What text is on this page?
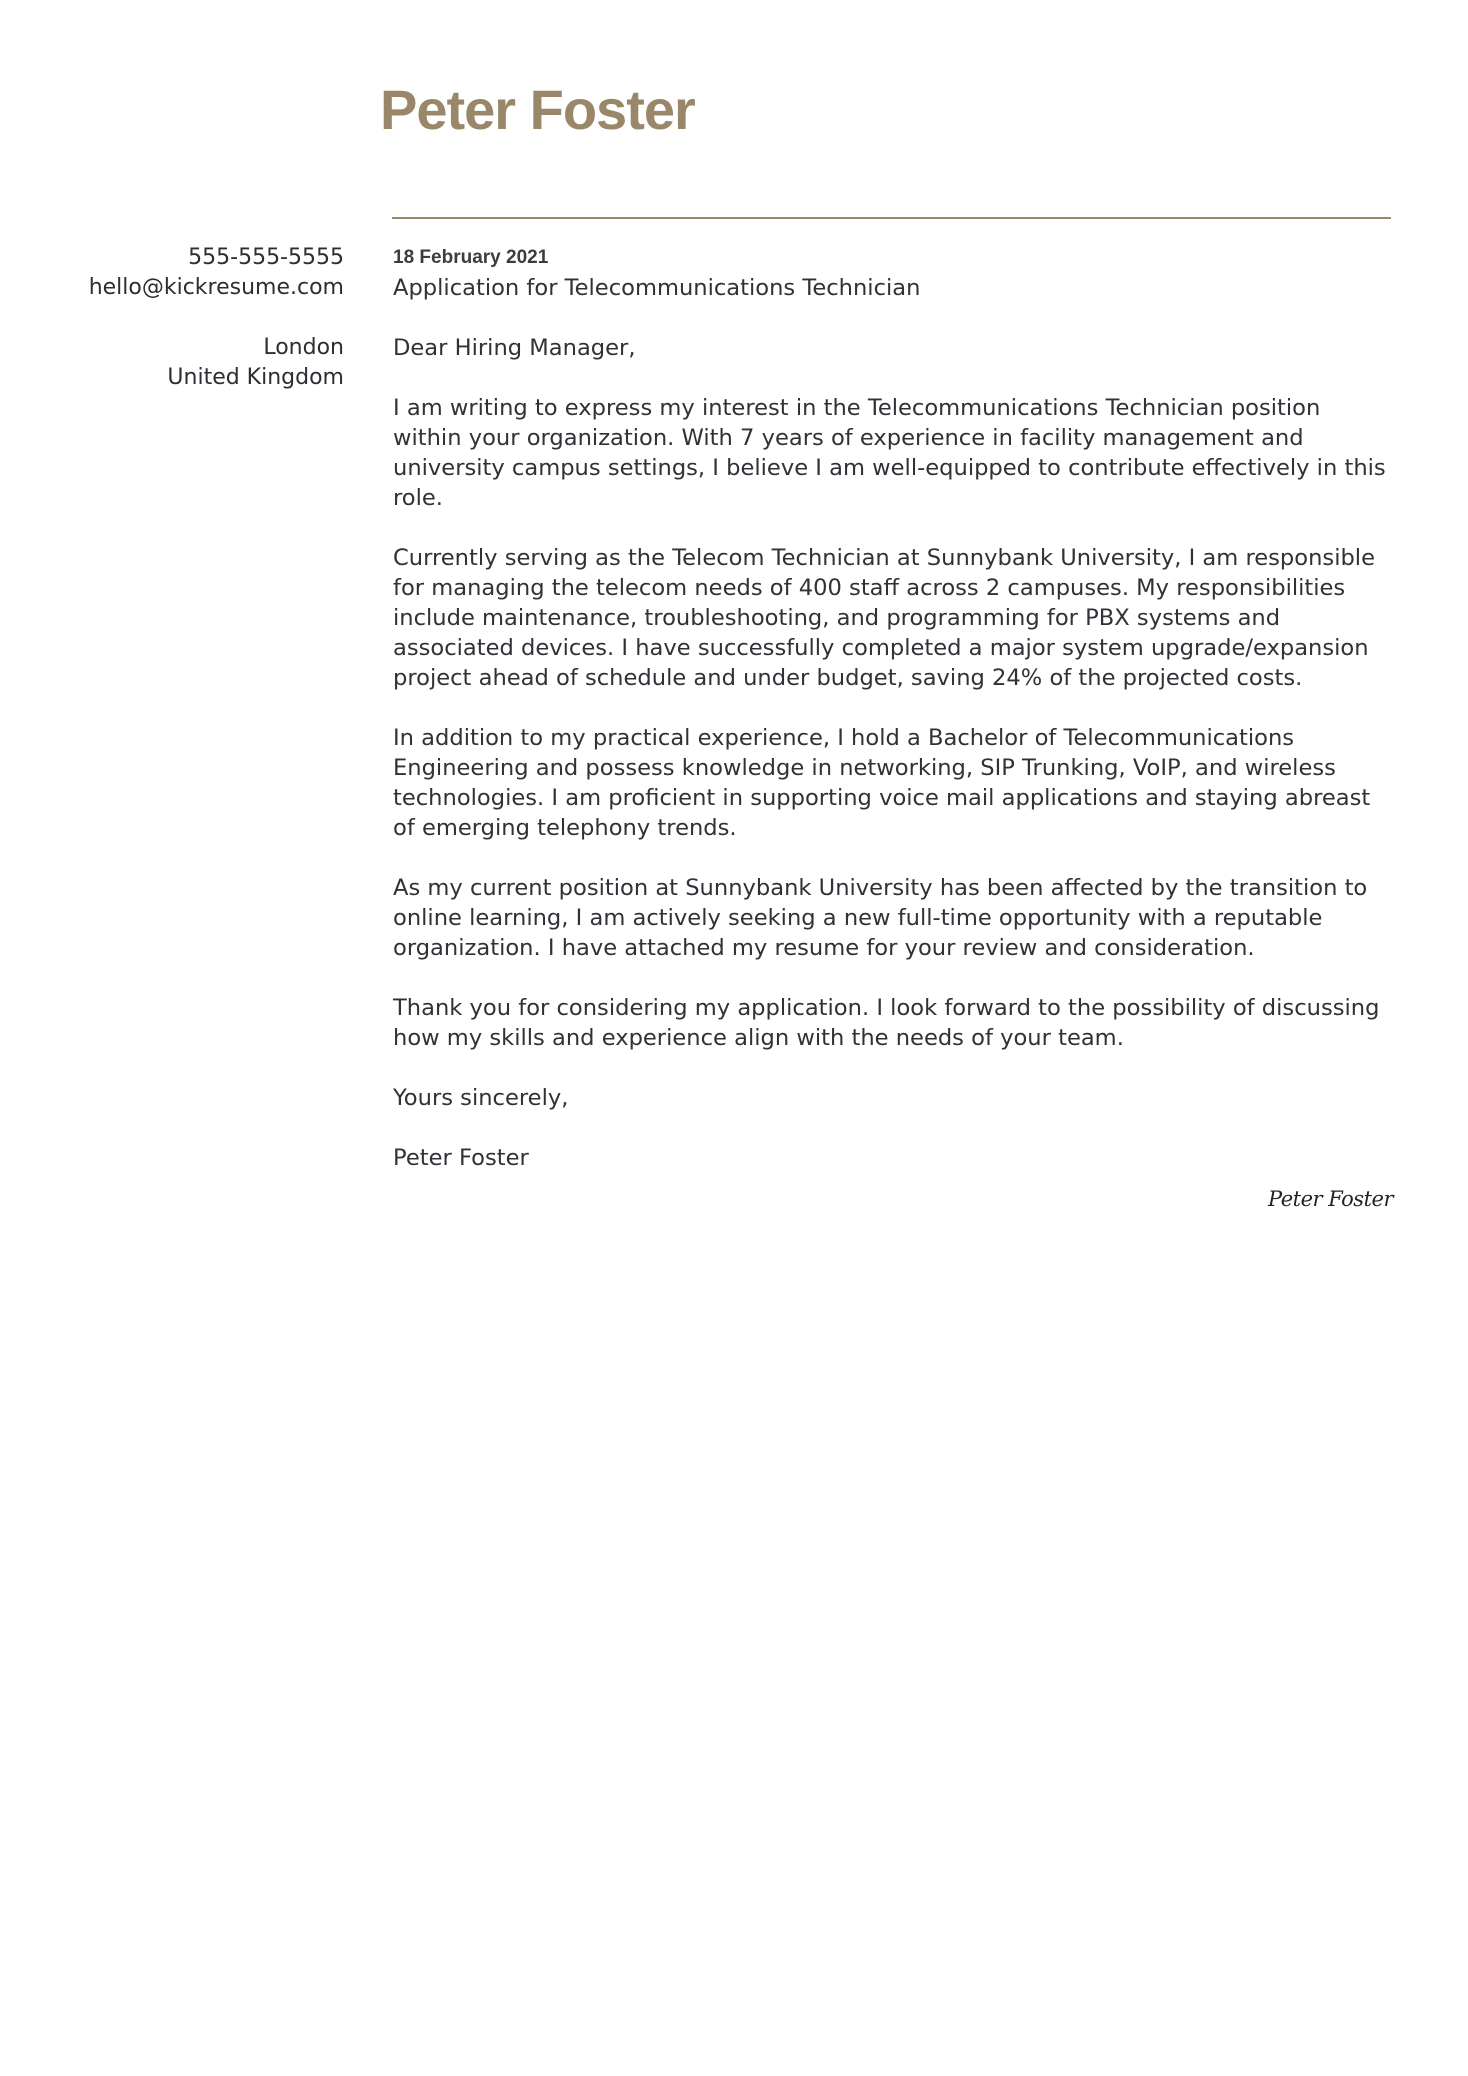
Peter Foster
555-555-5555
hello@kickresume.com
London
United Kingdom
18 February 2021
Application for Telecommunications Technician

Dear Hiring Manager,

I am writing to express my interest in the Telecommunications Technician position within your organization. With 7 years of experience in facility management and university campus settings, I believe I am well-equipped to contribute effectively in this role.

Currently serving as the Telecom Technician at Sunnybank University, I am responsible for managing the telecom needs of 400 staff across 2 campuses. My responsibilities include maintenance, troubleshooting, and programming for PBX systems and associated devices. I have successfully completed a major system upgrade/expansion project ahead of schedule and under budget, saving 24% of the projected costs.

In addition to my practical experience, I hold a Bachelor of Telecommunications Engineering and possess knowledge in networking, SIP Trunking, VoIP, and wireless technologies. I am proficient in supporting voice mail applications and staying abreast of emerging telephony trends.

As my current position at Sunnybank University has been affected by the transition to online learning, I am actively seeking a new full-time opportunity with a reputable organization. I have attached my resume for your review and consideration.

Thank you for considering my application. I look forward to the possibility of discussing how my skills and experience align with the needs of your team.

Yours sincerely,

Peter Foster

Peter Foster
